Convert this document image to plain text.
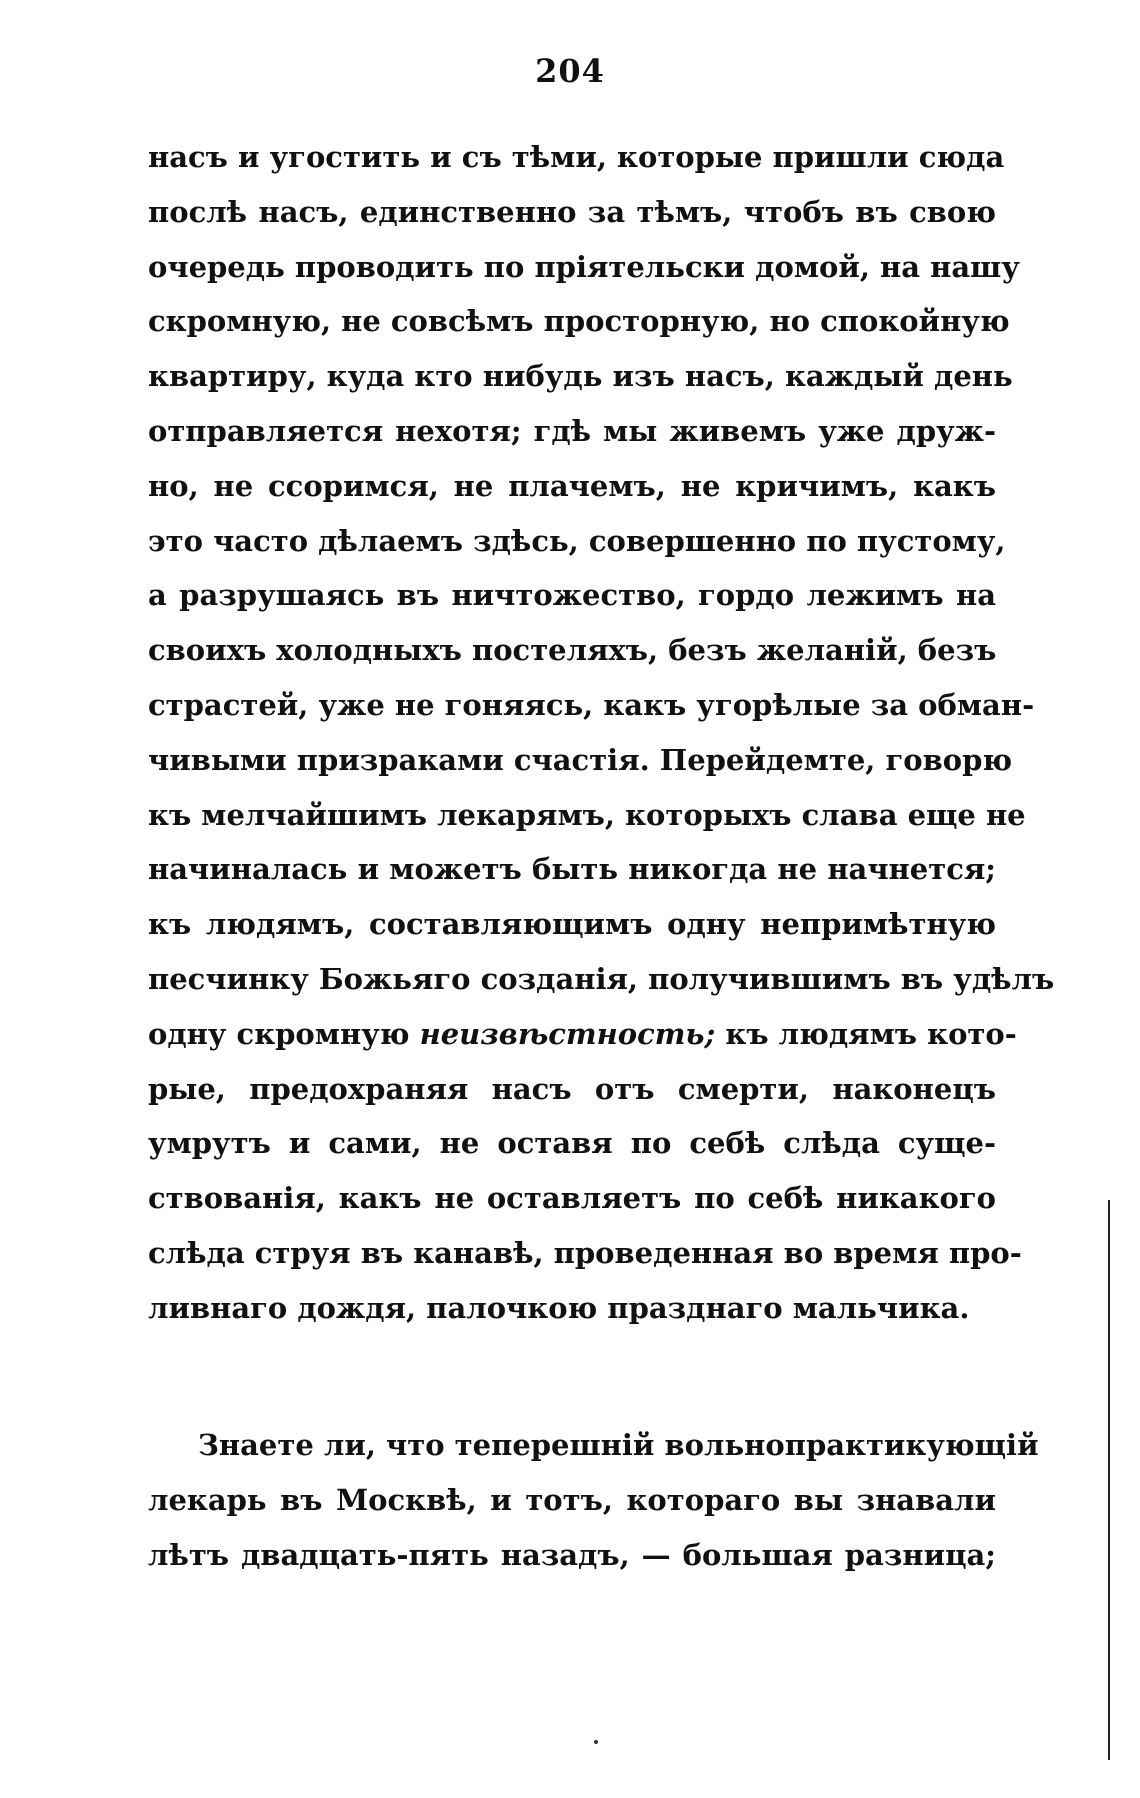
204
насъ и угостить и съ тѣми, которые пришли сюда
послѣ насъ, единственно за тѣмъ, чтобъ въ свою
очередь проводить по пріятельски домой, на нашу
скромную, не совсѣмъ просторную, но спокойную
квартиру, куда кто нибудь изъ насъ, каждый день
отправляется нехотя; гдѣ мы живемъ уже друж-
но, не ссоримся, не плачемъ, не кричимъ, какъ
это часто дѣлаемъ здѣсь, совершенно по пустому,
а разрушаясь въ ничтожество, гордо лежимъ на
своихъ холодныхъ постеляхъ, безъ желаній, безъ
страстей, уже не гоняясь, какъ угорѣлые за обман-
чивыми призраками счастія. Перейдемте, говорю
къ мелчайшимъ лекарямъ, которыхъ слава еще не
начиналась и можетъ быть никогда не начнется;
къ людямъ, составляющимъ одну непримѣтную
песчинку Божьяго созданія, получившимъ въ удѣлъ
одну скромную неизвѣстность; къ людямъ кото-
рые, предохраняя насъ отъ смерти, наконецъ
умрутъ и сами, не оставя по себѣ слѣда суще-
ствованія, какъ не оставляетъ по себѣ никакого
слѣда струя въ канавѣ, проведенная во время про-
ливнаго дождя, палочкою празднаго мальчика.
Знаете ли, что теперешній вольнопрактикующій
лекарь въ Москвѣ, и тотъ, котораго вы знавали
лѣтъ двадцать-пять назадъ, — большая разница;
